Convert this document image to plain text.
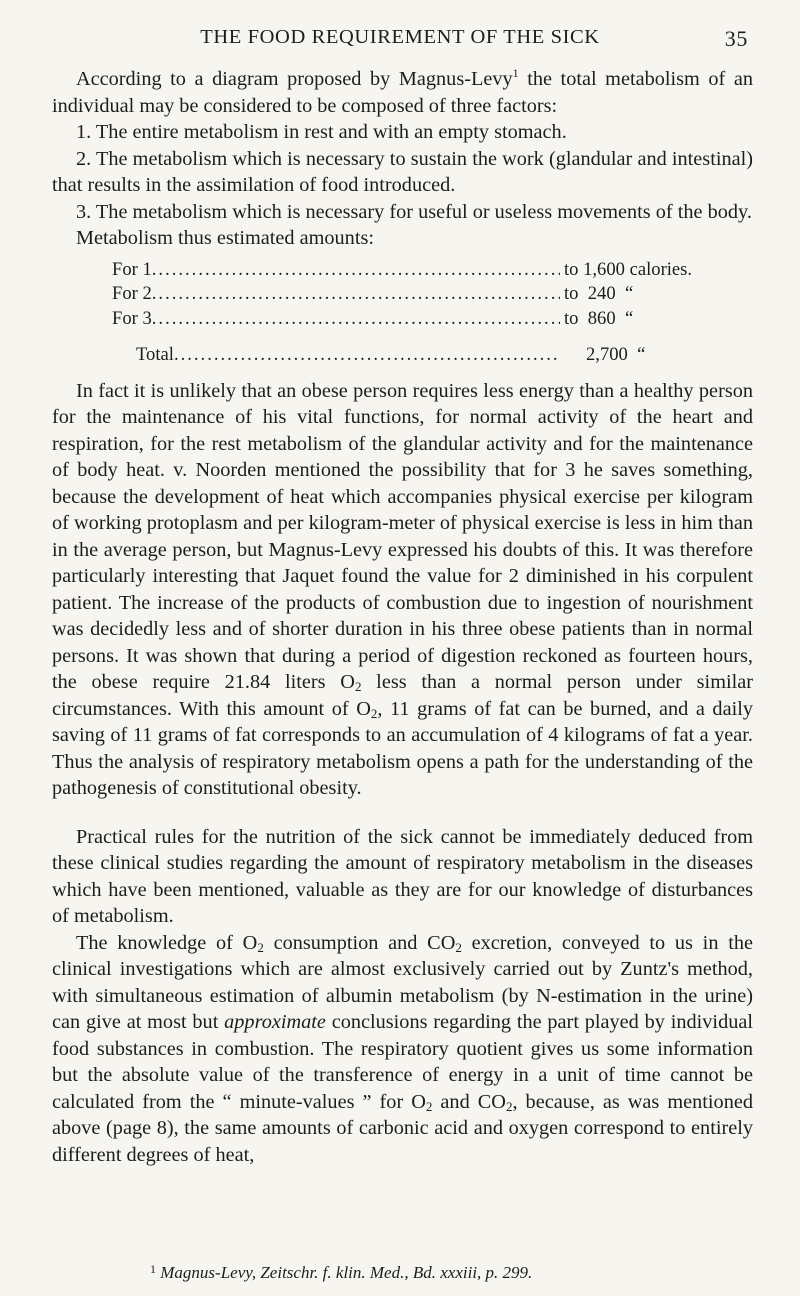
THE FOOD REQUIREMENT OF THE SICK	35

According to a diagram proposed by Magnus-Levy$^1$ the total metabolism of an individual may be considered to be composed of three factors:

1. The entire metabolism in rest and with an empty stomach.

2. The metabolism which is necessary to sustain the work (glandular and intestinal) that results in the assimilation of food introduced.

3. The metabolism which is necessary for useful or useless movements of the body.

Metabolism thus estimated amounts:

For 1 .....	to 1,600 calories.
For 2 .....	to  240  “
For 3 .....	to  860  “
Total .....	2,700  “

In fact it is unlikely that an obese person requires less energy than a healthy person for the maintenance of his vital functions, for normal activity of the heart and respiration, for the rest metabolism of the glandular activity and for the maintenance of body heat. v. Noorden mentioned the possibility that for 3 he saves something, because the development of heat which accompanies physical exercise per kilogram of working protoplasm and per kilogram-meter of physical exercise is less in him than in the average person, but Magnus-Levy expressed his doubts of this. It was therefore particularly interesting that Jaquet found the value for 2 diminished in his corpulent patient. The increase of the products of combustion due to ingestion of nourishment was decidedly less and of shorter duration in his three obese patients than in normal persons. It was shown that during a period of digestion reckoned as fourteen hours, the obese require 21.84 liters $O_2$ less than a normal person under similar circumstances. With this amount of $O_2$, 11 grams of fat can be burned, and a daily saving of 11 grams of fat corresponds to an accumulation of 4 kilograms of fat a year. Thus the analysis of respiratory metabolism opens a path for the understanding of the pathogenesis of constitutional obesity.

Practical rules for the nutrition of the sick cannot be immediately deduced from these clinical studies regarding the amount of respiratory metabolism in the diseases which have been mentioned, valuable as they are for our knowledge of disturbances of metabolism.

The knowledge of $O_2$ consumption and $CO_2$ excretion, conveyed to us in the clinical investigations which are almost exclusively carried out by Zuntz's method, with simultaneous estimation of albumin metabolism (by N-estimation in the urine) can give at most but approximate conclusions regarding the part played by individual food substances in combustion. The respiratory quotient gives us some information but the absolute value of the transference of energy in a unit of time cannot be calculated from the “ minute-values ” for $O_2$ and $CO_2$, because, as was mentioned above (page 8), the same amounts of carbonic acid and oxygen correspond to entirely different degrees of heat,

$^1$ Magnus-Levy, Zeitschr. f. klin. Med., Bd. xxxiii, p. 299.
